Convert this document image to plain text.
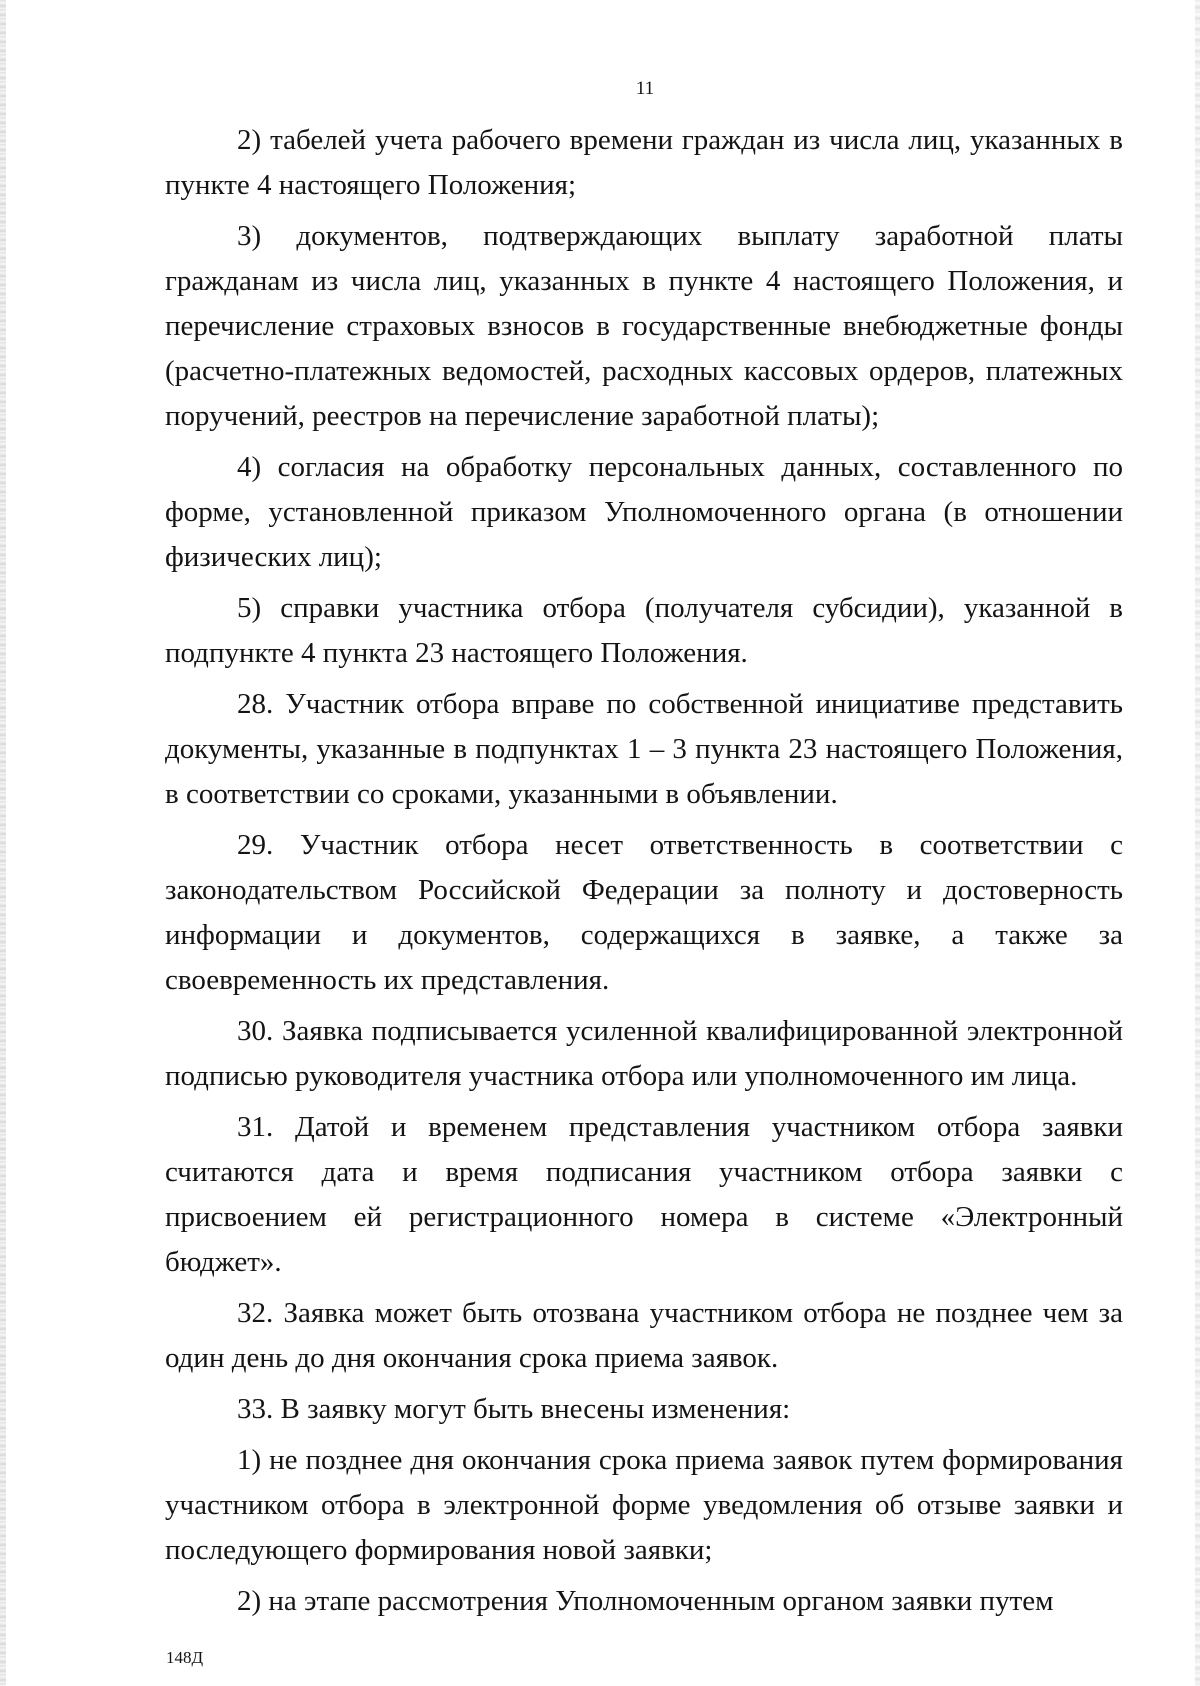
11

2) табелей учета рабочего времени граждан из числа лиц, указанных в пункте 4 настоящего Положения;

3) документов, подтверждающих выплату заработной платы гражданам из числа лиц, указанных в пункте 4 настоящего Положения, и перечисление страховых взносов в государственные внебюджетные фонды (расчетно-платежных ведомостей, расходных кассовых ордеров, платежных поручений, реестров на перечисление заработной платы);

4) согласия на обработку персональных данных, составленного по форме, установленной приказом Уполномоченного органа (в отношении физических лиц);

5) справки участника отбора (получателя субсидии), указанной в подпункте 4 пункта 23 настоящего Положения.

28. Участник отбора вправе по собственной инициативе представить документы, указанные в подпунктах 1 – 3 пункта 23 настоящего Положения, в соответствии со сроками, указанными в объявлении.

29. Участник отбора несет ответственность в соответствии с законодательством Российской Федерации за полноту и достоверность информации и документов, содержащихся в заявке, а также за своевременность их представления.

30. Заявка подписывается усиленной квалифицированной электронной подписью руководителя участника отбора или уполномоченного им лица.

31. Датой и временем представления участником отбора заявки считаются дата и время подписания участником отбора заявки с присвоением ей регистрационного номера в системе «Электронный бюджет».

32. Заявка может быть отозвана участником отбора не позднее чем за один день до дня окончания срока приема заявок.

33. В заявку могут быть внесены изменения:

1) не позднее дня окончания срока приема заявок путем формирования участником отбора в электронной форме уведомления об отзыве заявки и последующего формирования новой заявки;

2) на этапе рассмотрения Уполномоченным органом заявки путем

148Д
